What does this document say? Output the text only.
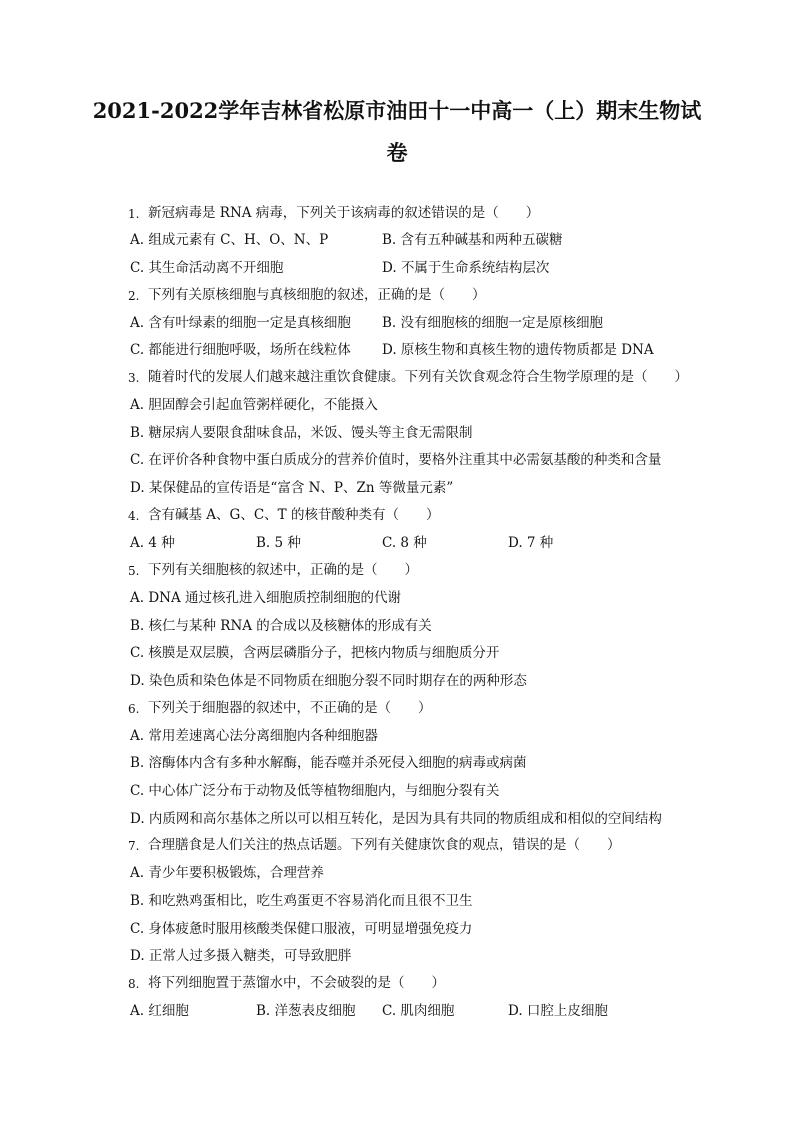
2021-2022学年吉林省松原市油田十一中高一（上）期末生物试
卷
1. 新冠病毒是 RNA 病毒，下列关于该病毒的叙述错误的是（　　）
A. 组成元素有 C、H、O、N、P	B. 含有五种碱基和两种五碳糖
C. 其生命活动离不开细胞	D. 不属于生命系统结构层次
2. 下列有关原核细胞与真核细胞的叙述，正确的是（　　）
A. 含有叶绿素的细胞一定是真核细胞 B. 没有细胞核的细胞一定是原核细胞
C. 都能进行细胞呼吸，场所在线粒体 D. 原核生物和真核生物的遗传物质都是 DNA
3. 随着时代的发展人们越来越注重饮食健康。下列有关饮食观念符合生物学原理的是（　　）
A. 胆固醇会引起血管粥样硬化，不能摄入
B. 糖尿病人要限食甜味食品，米饭、馒头等主食无需限制
C. 在评价各种食物中蛋白质成分的营养价值时，要格外注重其中必需氨基酸的种类和含量
D. 某保健品的宣传语是“富含 N、P、Zn 等微量元素”
4. 含有碱基 A、G、C、T 的核苷酸种类有（　　）
A. 4 种	B. 5 种	C. 8 种	D. 7 种
5. 下列有关细胞核的叙述中，正确的是（　　）
A. DNA 通过核孔进入细胞质控制细胞的代谢
B. 核仁与某种 RNA 的合成以及核糖体的形成有关
C. 核膜是双层膜，含两层磷脂分子，把核内物质与细胞质分开
D. 染色质和染色体是不同物质在细胞分裂不同时期存在的两种形态
6. 下列关于细胞器的叙述中，不正确的是（　　）
A. 常用差速离心法分离细胞内各种细胞器
B. 溶酶体内含有多种水解酶，能吞噬并杀死侵入细胞的病毒或病菌
C. 中心体广泛分布于动物及低等植物细胞内，与细胞分裂有关
D. 内质网和高尔基体之所以可以相互转化，是因为具有共同的物质组成和相似的空间结构
7. 合理膳食是人们关注的热点话题。下列有关健康饮食的观点，错误的是（　　）
A. 青少年要积极锻炼，合理营养
B. 和吃熟鸡蛋相比，吃生鸡蛋更不容易消化而且很不卫生
C. 身体疲惫时服用核酸类保健口服液，可明显增强免疫力
D. 正常人过多摄入糖类，可导致肥胖
8. 将下列细胞置于蒸馏水中，不会破裂的是（　　）
A. 红细胞	B. 洋葱表皮细胞 C. 肌肉细胞	D. 口腔上皮细胞
